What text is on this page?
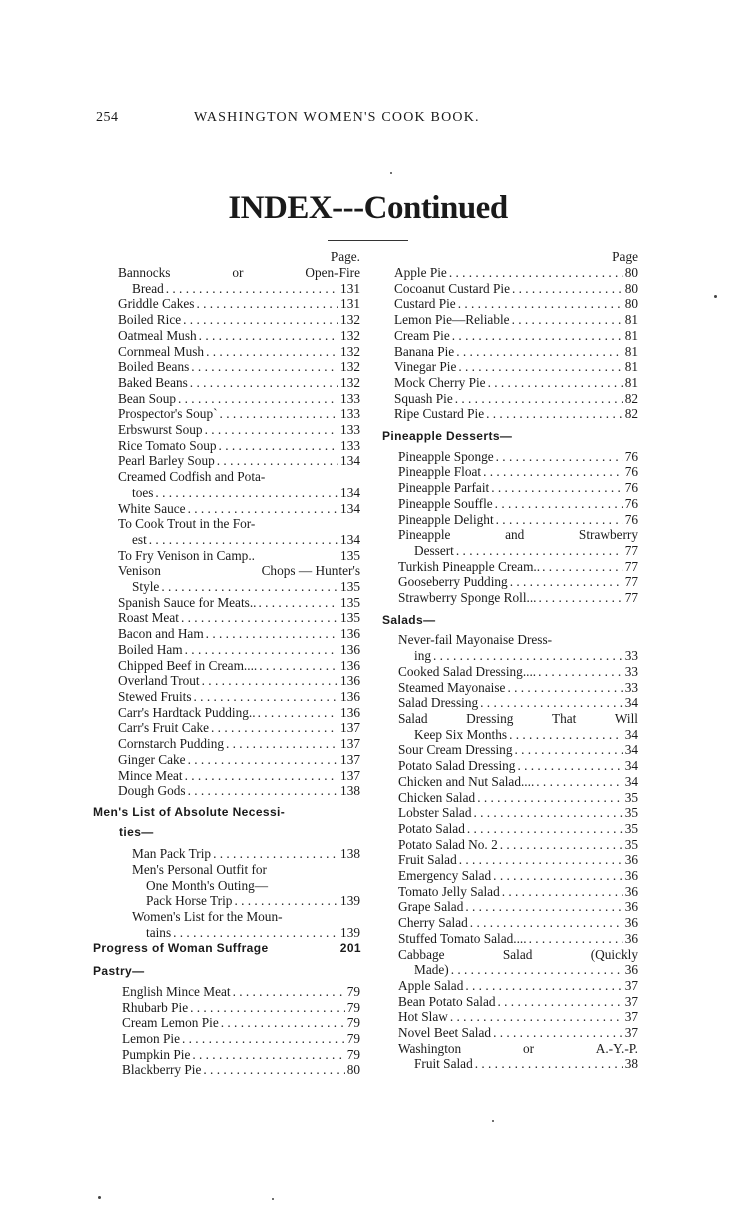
254	WASHINGTON WOMEN'S COOK BOOK.
INDEX---Continued
Page.
Bannocks	or	Open-Fire
Bread . . .	131
Griddle Cakes . . .	131
Boiled Rice . . .	132
Oatmeal Mush . . .	132
Cornmeal Mush . . .	132
Boiled Beans . . .	132
Baked Beans . . .	132
Bean Soup . . .	133
Prospector's Soup` . . .	133
Erbswurst Soup . . .	133
Rice Tomato Soup . . .	133
Pearl Barley Soup . . .	134
Creamed Codfish and Pota-
toes . . .	134
White Sauce . . .	134
To Cook Trout in the For-
est . . .	134
To Fry Venison in Camp..	135
Venison	Chops — Hunter's
Style . . .	135
Spanish Sauce for Meats.. . . .	135
Roast Meat . . .	135
Bacon and Ham . . .	136
Boiled Ham . . .	136
Chipped Beef in Cream.... . . .	136
Overland Trout . . .	136
Stewed Fruits . . .	136
Carr's Hardtack Pudding.. . . .	136
Carr's Fruit Cake . . .	137
Cornstarch Pudding . . .	137
Ginger Cake . . .	137
Mince Meat . . .	137
Dough Gods . . .	138
Men's List of Absolute Necessi-
ties—
Man Pack Trip . . .	138
Men's Personal Outfit for
One Month's Outing—
Pack Horse Trip . . .	139
Women's List for the Moun-
tains . . .	139
Progress of Woman Suffrage	201
Pastry—
English Mince Meat . . .	79
Rhubarb Pie . . .	79
Cream Lemon Pie . . .	79
Lemon Pie . . .	79
Pumpkin Pie . . .	79
Blackberry Pie . . .	80
Page
Apple Pie . . .	80
Cocoanut Custard Pie . . .	80
Custard Pie . . .	80
Lemon Pie—Reliable . . .	81
Cream Pie . . .	81
Banana Pie . . .	81
Vinegar Pie . . .	81
Mock Cherry Pie . . .	81
Squash Pie . . .	82
Ripe Custard Pie . . .	82
Pineapple Desserts—
Pineapple Sponge . . .	76
Pineapple Float . . .	76
Pineapple Parfait . . .	76
Pineapple Souffle . . .	76
Pineapple Delight . . .	76
Pineapple	and	Strawberry
Dessert . . .	77
Turkish Pineapple Cream.. . . .	77
Gooseberry Pudding . . .	77
Strawberry Sponge Roll... . . .	77
Salads—
Never-fail Mayonaise Dress-
ing . . .	33
Cooked Salad Dressing.... . . .	33
Steamed Mayonaise . . .	33
Salad Dressing . . .	34
Salad	Dressing	That	Will
Keep Six Months . . .	34
Sour Cream Dressing . . .	34
Potato Salad Dressing . . .	34
Chicken and Nut Salad.... . . .	34
Chicken Salad . . .	35
Lobster Salad . . .	35
Potato Salad . . .	35
Potato Salad No. 2 . . .	35
Fruit Salad . . .	36
Emergency Salad . . .	36
Tomato Jelly Salad . . .	36
Grape Salad . . .	36
Cherry Salad . . .	36
Stuffed Tomato Salad.... . . .	36
Cabbage	Salad	(Quickly
Made) . . .	36
Apple Salad . . .	37
Bean Potato Salad . . .	37
Hot Slaw . . .	37
Novel Beet Salad . . .	37
Washington	or	A.-Y.-P.
Fruit Salad . . .	38
